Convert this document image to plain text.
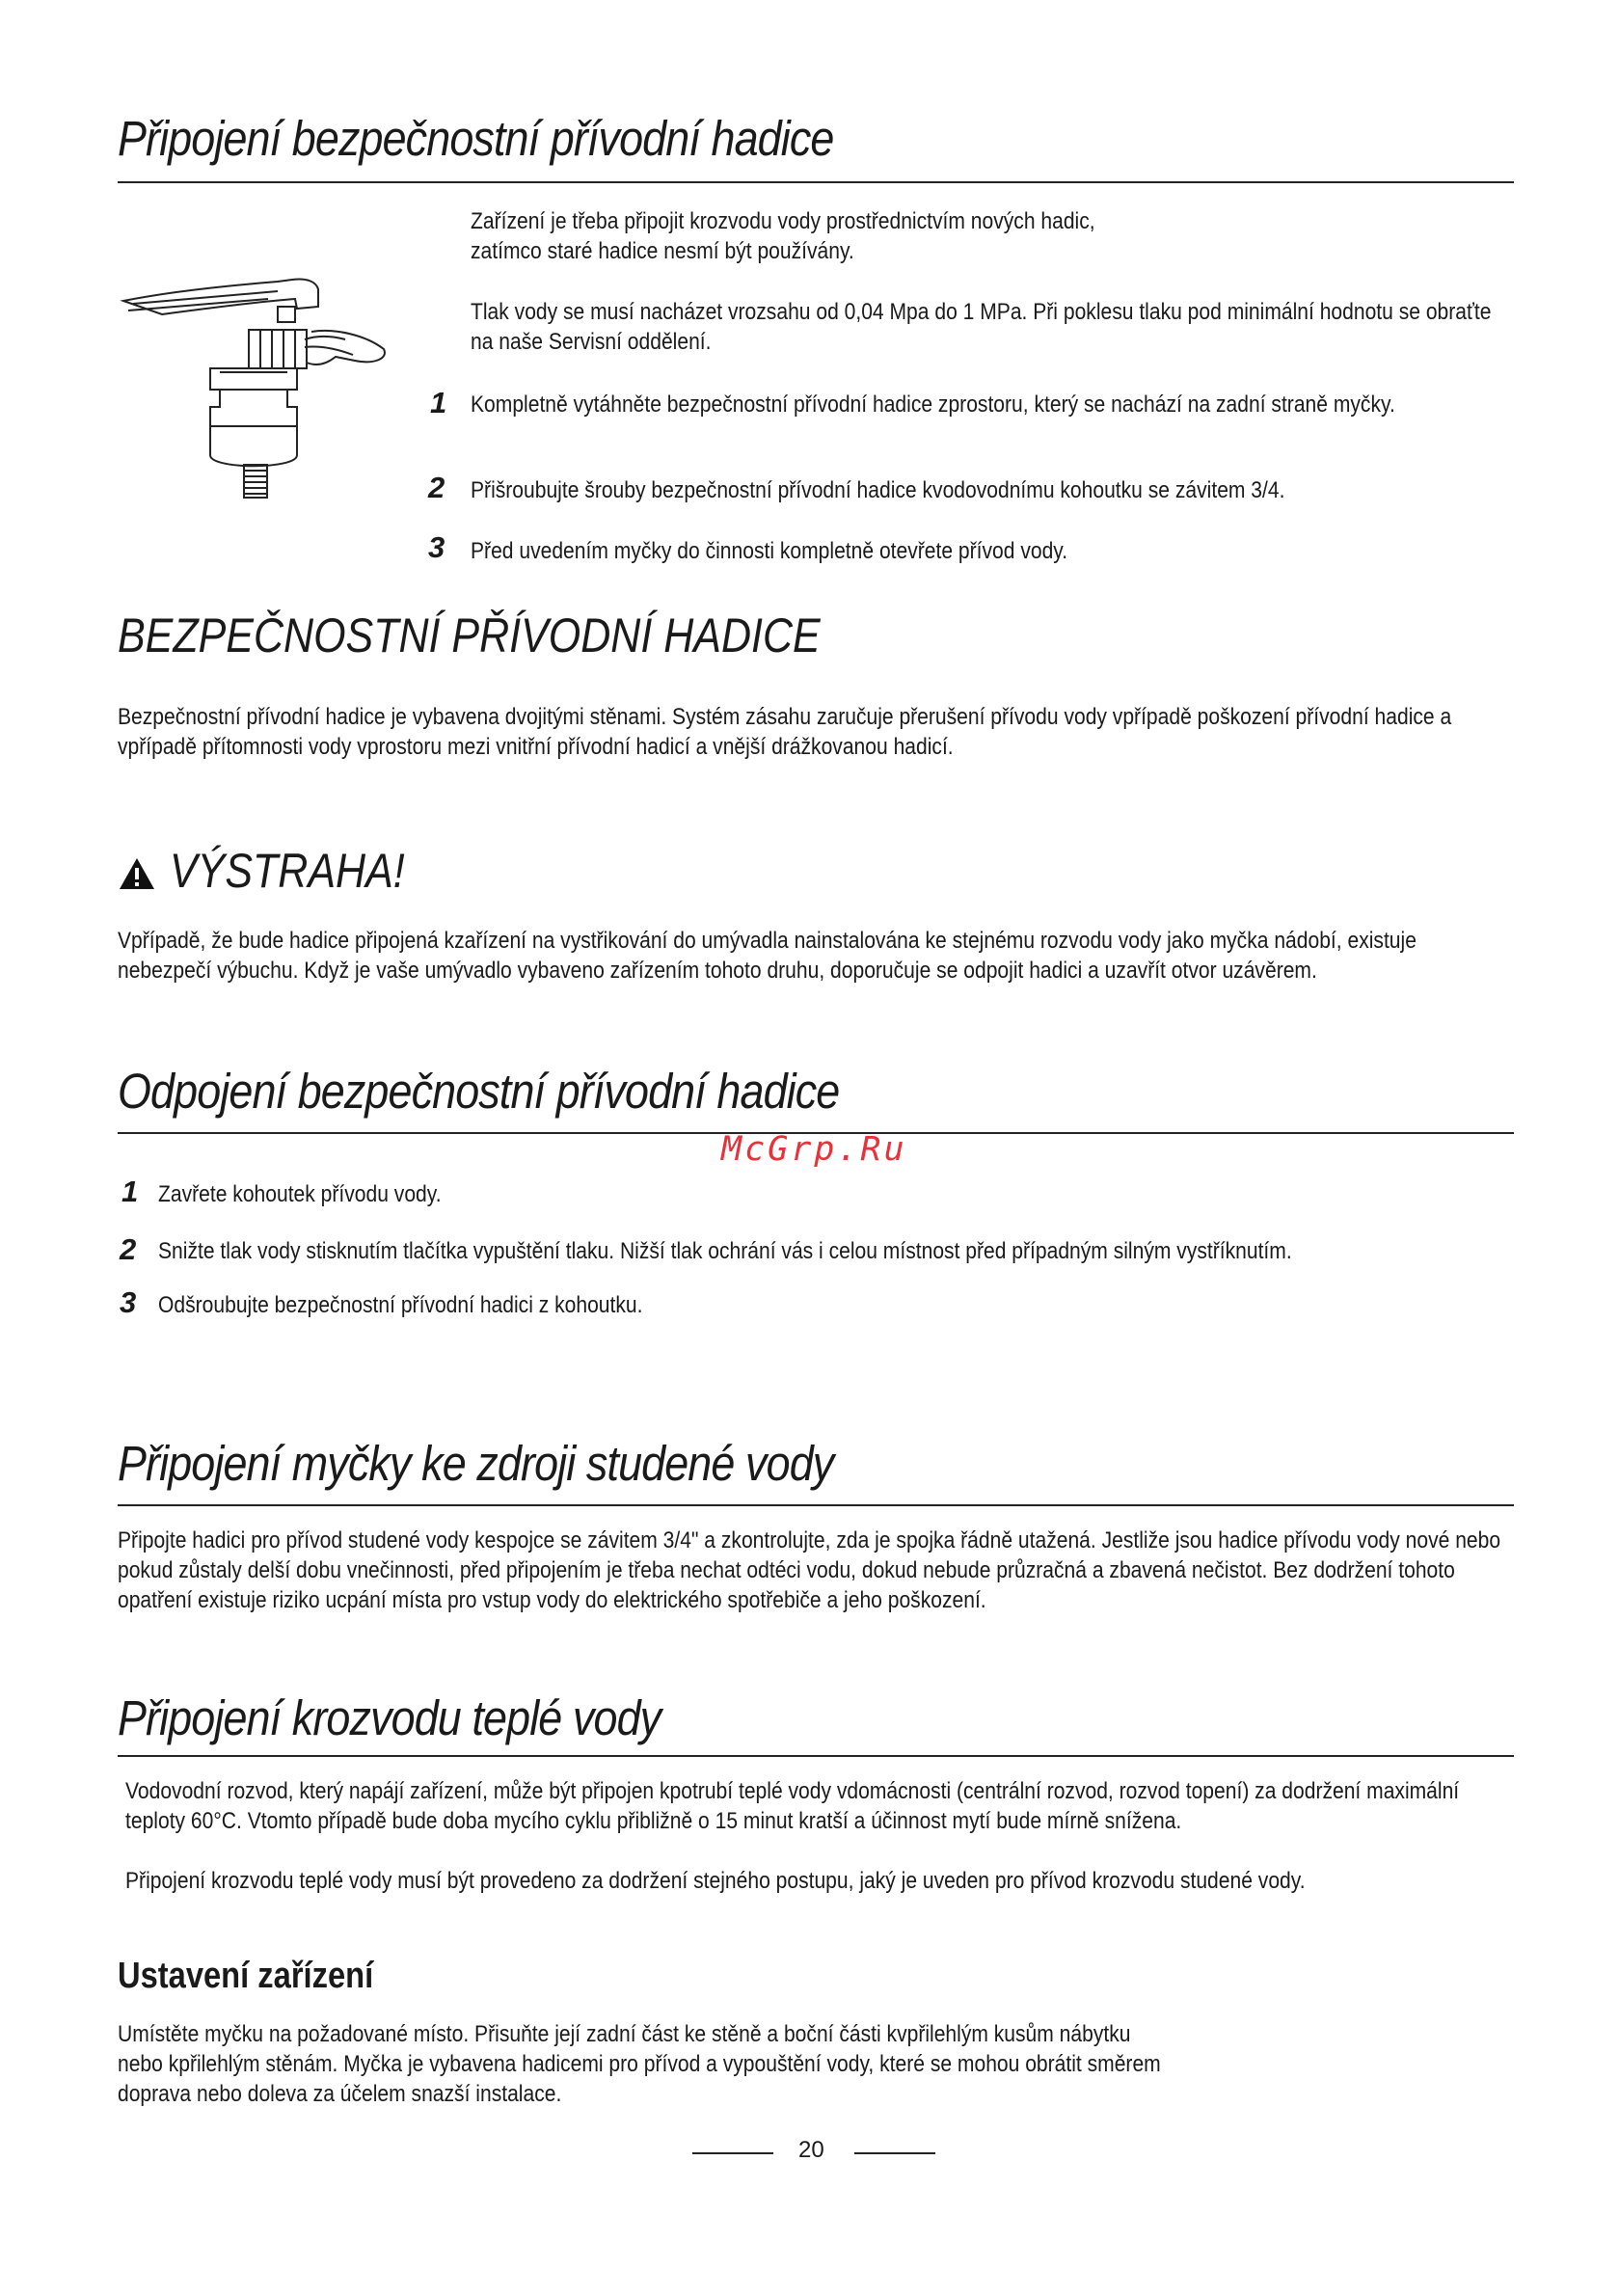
Připojení bezpečnostní přívodní hadice

Zařízení je třeba připojit krozvodu vody prostřednictvím nových hadic, zatímco staré hadice nesmí být používány.

Tlak vody se musí nacházet vrozsahu od 0,04 Mpa do 1 MPa. Při poklesu tlaku pod minimální hodnotu se obraťte na naše Servisní oddělení.

1 Kompletně vytáhněte bezpečnostní přívodní hadice zprostoru, který se nachází na zadní straně myčky.
2 Přišroubujte šrouby bezpečnostní přívodní hadice kvodovodnímu kohoutku se závitem 3/4.
3 Před uvedením myčky do činnosti kompletně otevřete přívod vody.
BEZPEČNOSTNÍ PŘÍVODNÍ HADICE

Bezpečnostní přívodní hadice je vybavena dvojitými stěnami. Systém zásahu zaručuje přerušení přívodu vody vpřípadě poškození přívodní hadice a vpřípadě přítomnosti vody vprostoru mezi vnitřní přívodní hadicí a vnější drážkovanou hadicí.

VÝSTRAHA!

Vpřípadě, že bude hadice připojená kzařízení na vystřikování do umývadla nainstalována ke stejnému rozvodu vody jako myčka nádobí, existuje nebezpečí výbuchu. Když je vaše umývadlo vybaveno zařízením tohoto druhu, doporučuje se odpojit hadici a uzavřít otvor uzávěrem.

Odpojení bezpečnostní přívodní hadice
McGrp.Ru
1 Zavřete kohoutek přívodu vody.
2 Snižte tlak vody stisknutím tlačítka vypuštění tlaku. Nižší tlak ochrání vás i celou místnost před případným silným vystříknutím.
3 Odšroubujte bezpečnostní přívodní hadici z kohoutku.
Připojení myčky ke zdroji studené vody

Připojte hadici pro přívod studené vody kespojce se závitem 3/4" a zkontrolujte, zda je spojka řádně utažená. Jestliže jsou hadice přívodu vody nové nebo pokud zůstaly delší dobu vnečinnosti, před připojením je třeba nechat odtéci vodu, dokud nebude průzračná a zbavená nečistot. Bez dodržení tohoto opatření existuje riziko ucpání místa pro vstup vody do elektrického spotřebiče a jeho poškození.

Připojení krozvodu teplé vody

Vodovodní rozvod, který napájí zařízení, může být připojen kpotrubí teplé vody vdomácnosti (centrální rozvod, rozvod topení) za dodržení maximální teploty 60°C. Vtomto případě bude doba mycího cyklu přibližně o 15 minut kratší a účinnost mytí bude mírně snížena.

Připojení krozvodu teplé vody musí být provedeno za dodržení stejného postupu, jaký je uveden pro přívod krozvodu studené vody.

Ustavení zařízení

Umístěte myčku na požadované místo. Přisuňte její zadní část ke stěně a boční části kvpřilehlým kusům nábytku nebo kpřilehlým stěnám. Myčka je vybavena hadicemi pro přívod a vypouštění vody, které se mohou obrátit směrem doprava nebo doleva za účelem snazší instalace.

20
